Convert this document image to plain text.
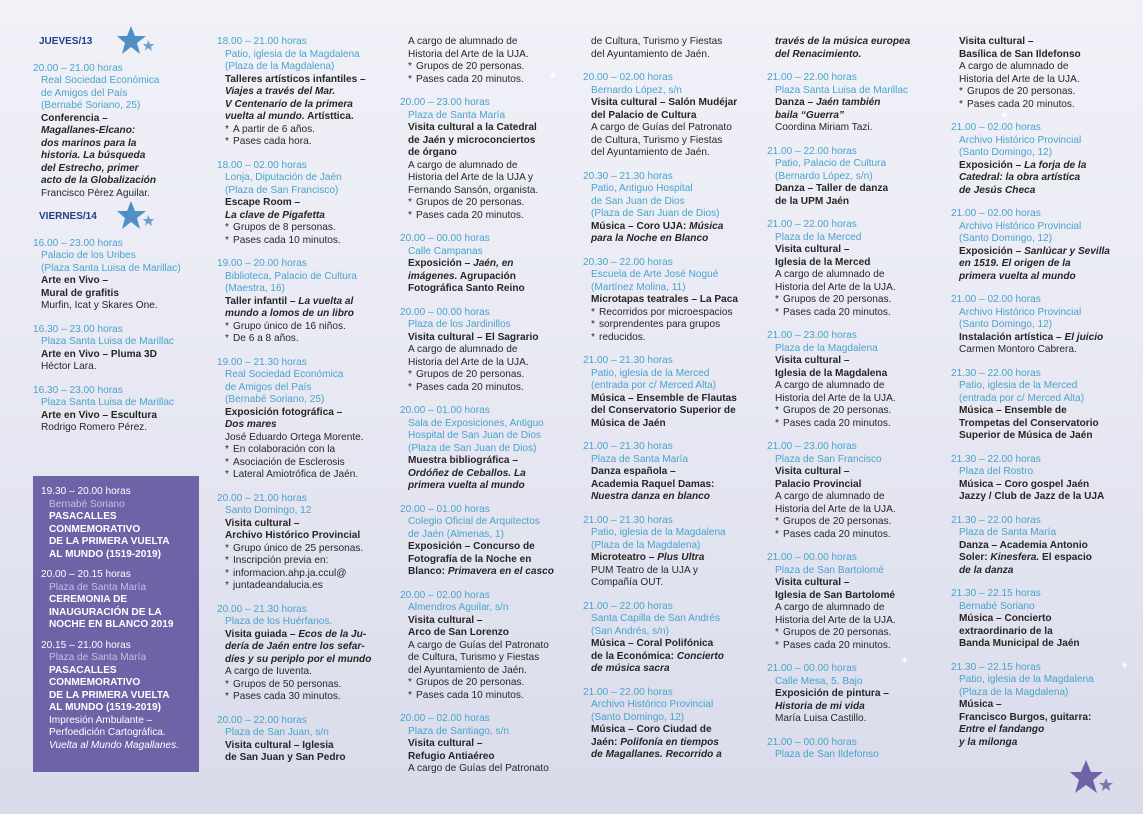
JUEVES/13
20.00 – 21.00 horas
Real Sociedad Económica
de Amigos del País
(Bernabé Soriano, 25)
Conferencia –
Magallanes-Elcano:
dos marinos para la
historia. La búsqueda
del Estrecho, primer
acto de la Globalización
Francisco Pérez Aguilar.
VIERNES/14
16.00 – 23.00 horas
Palacio de los Uribes
(Plaza Santa Luisa de Marillac)
Arte en Vivo –
Mural de grafitis
Murfin, Icat y Skares One.
16.30 – 23.00 horas
Plaza Santa Luisa de Marillac
Arte en Vivo – Pluma 3D
Héctor Lara.
16.30 – 23.00 horas
Plaza Santa Luisa de Marillac
Arte en Vivo – Escultura
Rodrigo Romero Pérez.
19.30 – 20.00 horas
Bernabé Soriano
PASACALLES
CONMEMORATIVO
DE LA PRIMERA VUELTA
AL MUNDO (1519-2019)
20.00 – 20.15 horas
Plaza de Santa María
CEREMONIA DE
INAUGURACIÓN DE LA
NOCHE EN BLANCO 2019
20.15 – 21.00 horas
Plaza de Santa María
PASACALLES
CONMEMORATIVO
DE LA PRIMERA VUELTA
AL MUNDO (1519-2019)
Impresión Ambulante –
Perfoedición Cartográfica.
Vuelta al Mundo Magallanes.
18.00 – 21.00 horas
Patio, iglesia de la Magdalena
(Plaza de la Magdalena)
Talleres artísticos infantiles –
Viajes a través del Mar.
V Centenario de la primera
vuelta al mundo. Artísttica.
* A partir de 6 años.
* Pases cada hora.
18.00 – 02.00 horas
Lonja, Diputación de Jaén
(Plaza de San Francisco)
Escape Room –
La clave de Pigafetta
* Grupos de 8 personas.
* Pases cada 10 minutos.
19.00 – 20.00 horas
Biblioteca, Palacio de Cultura
(Maestra, 16)
Taller infantil – La vuelta al
mundo a lomos de un libro
* Grupo único de 16 niños.
* De 6 a 8 años.
19.00 – 21.30 horas
Real Sociedad Económica
de Amigos del País
(Bernabé Soriano, 25)
Exposición fotográfica –
Dos mares
José Eduardo Ortega Morente.
* En colaboración con la
* Asociación de Esclerosis
* Lateral Amiotrófica de Jaén.
20.00 – 21.00 horas
Santo Domingo, 12
Visita cultural –
Archivo Histórico Provincial
* Grupo único de 25 personas.
* Inscripción previa en:
* informacion.ahp.ja.ccul@
* juntadeandalucia.es
20.00 – 21.30 horas
Plaza de los Huérfanos.
Visita guiada – Ecos de la Ju-
dería de Jaén entre los sefar-
díes y su periplo por el mundo
A cargo de Iuventa.
* Grupos de 50 personas.
* Pases cada 30 minutos.
20.00 – 22.00 horas
Plaza de San Juan, s/n
Visita cultural – Iglesia
de San Juan y San Pedro
A cargo de alumnado de
Historia del Arte de la UJA.
* Grupos de 20 personas.
* Pases cada 20 minutos.
20.00 – 23.00 horas
Plaza de Santa María
Visita cultural a la Catedral
de Jaén y microconciertos
de órgano
A cargo de alumnado de
Historia del Arte de la UJA y
Fernando Sansón, organista.
* Grupos de 20 personas.
* Pases cada 20 minutos.
20.00 – 00.00 horas
Calle Campanas
Exposición – Jaén, en
imágenes. Agrupación
Fotográfica Santo Reino
20.00 – 00.00 horas
Plaza de los Jardinillos
Visita cultural – El Sagrario
A cargo de alumnado de
Historia del Arte de la UJA.
* Grupos de 20 personas.
* Pases cada 20 minutos.
20.00 – 01.00 horas
Sala de Exposiciones, Antiguo
Hospital de San Juan de Dios
(Plaza de San Juan de Dios)
Muestra bibliográfica –
Ordóñez de Ceballos. La
primera vuelta al mundo
20.00 – 01.00 horas
Colegio Oficial de Arquitectos
de Jaén (Almenas, 1)
Exposición – Concurso de
Fotografía de la Noche en
Blanco: Primavera en el casco
20.00 – 02.00 horas
Almendros Aguilar, s/n
Visita cultural –
Arco de San Lorenzo
A cargo de Guías del Patronato
de Cultura, Turismo y Fiestas
del Ayuntamiento de Jaén.
* Grupos de 20 personas.
* Pases cada 10 minutos.
20.00 – 02.00 horas
Plaza de Santiago, s/n
Visita cultural –
Refugio Antiaéreo
A cargo de Guías del Patronato
de Cultura, Turismo y Fiestas
del Ayuntamiento de Jaén.
20.00 – 02.00 horas
Bernardo López, s/n
Visita cultural – Salón Mudéjar
del Palacio de Cultura
A cargo de Guías del Patronato
de Cultura, Turismo y Fiestas
del Ayuntamiento de Jaén.
20.30 – 21.30 horas
Patio, Antiguo Hospital
de San Juan de Dios
(Plaza de San Juan de Dios)
Música – Coro UJA: Música
para la Noche en Blanco
20.30 – 22.00 horas
Escuela de Arte José Nogué
(Martínez Molina, 11)
Microtapas teatrales – La Paca
* Recorridos por microespacios
* sorprendentes para grupos
* reducidos.
21.00 – 21.30 horas
Patio, iglesia de la Merced
(entrada por c/ Merced Alta)
Música – Ensemble de Flautas
del Conservatorio Superior de
Música de Jaén
21.00 – 21.30 horas
Plaza de Santa María
Danza española –
Academia Raquel Damas:
Nuestra danza en blanco
21.00 – 21.30 horas
Patio, iglesia de la Magdalena
(Plaza de la Magdalena)
Microteatro – Plus Ultra
PUM Teatro de la UJA y
Compañía OUT.
21.00 – 22.00 horas
Santa Capilla de San Andrés
(San Andrés, s/n)
Música – Coral Polifónica
de la Económica: Concierto
de música sacra
21.00 – 22.00 horas
Archivo Histórico Provincial
(Santo Domingo, 12)
Música – Coro Ciudad de
Jaén: Polifonía en tiempos
de Magallanes. Recorrido a
través de la música europea
del Renacimiento.
21.00 – 22.00 horas
Plaza Santa Luisa de Marillac
Danza – Jaén también
baila “Guerra”
Coordina Miriam Tazi.
21.00 – 22.00 horas
Patio, Palacio de Cultura
(Bernardo López, s/n)
Danza – Taller de danza
de la UPM Jaén
21.00 – 22.00 horas
Plaza de la Merced
Visita cultural –
Iglesia de la Merced
A cargo de alumnado de
Historia del Arte de la UJA.
* Grupos de 20 personas.
* Pases cada 20 minutos.
21.00 – 23.00 horas
Plaza de la Magdalena
Visita cultural –
Iglesia de la Magdalena
A cargo de alumnado de
Historia del Arte de la UJA.
* Grupos de 20 personas.
* Pases cada 20 minutos.
21.00 – 23.00 horas
Plaza de San Francisco
Visita cultural –
Palacio Provincial
A cargo de alumnado de
Historia del Arte de la UJA.
* Grupos de 20 personas.
* Pases cada 20 minutos.
21.00 – 00.00 horas
Plaza de San Bartolomé
Visita cultural –
Iglesia de San Bartolomé
A cargo de alumnado de
Historia del Arte de la UJA.
* Grupos de 20 personas.
* Pases cada 20 minutos.
21.00 – 00.00 horas
Calle Mesa, 5. Bajo
Exposición de pintura –
Historia de mi vida
María Luisa Castillo.
21.00 – 00.00 horas
Plaza de San Ildefonso
Visita cultural –
Basílica de San Ildefonso
A cargo de alumnado de
Historia del Arte de la UJA.
* Grupos de 20 personas.
* Pases cada 20 minutos.
21.00 – 02.00 horas
Archivo Histórico Provincial
(Santo Domingo, 12)
Exposición – La forja de la
Catedral: la obra artística
de Jesús Checa
21.00 – 02.00 horas
Archivo Histórico Provincial
(Santo Domingo, 12)
Exposición – Sanlúcar y Sevilla
en 1519. El origen de la
primera vuelta al mundo
21.00 – 02.00 horas
Archivo Histórico Provincial
(Santo Domingo, 12)
Instalación artística – El juicio
Carmen Montoro Cabrera.
21.30 – 22.00 horas
Patio, iglesia de la Merced
(entrada por c/ Merced Alta)
Música – Ensemble de
Trompetas del Conservatorio
Superior de Música de Jaén
21.30 – 22.00 horas
Plaza del Rostro
Música – Coro gospel Jaén
Jazzy / Club de Jazz de la UJA
21.30 – 22.00 horas
Plaza de Santa María
Danza – Academia Antonio
Soler: Kinesfera. El espacio
de la danza
21.30 – 22.15 horas
Bernabé Soriano
Música – Concierto
extraordinario de la
Banda Municipal de Jaén
21.30 – 22.15 horas
Patio, iglesia de la Magdalena
(Plaza de la Magdalena)
Música –
Francisco Burgos, guitarra:
Entre el fandango
y la milonga
✦
✦
✦
✦
